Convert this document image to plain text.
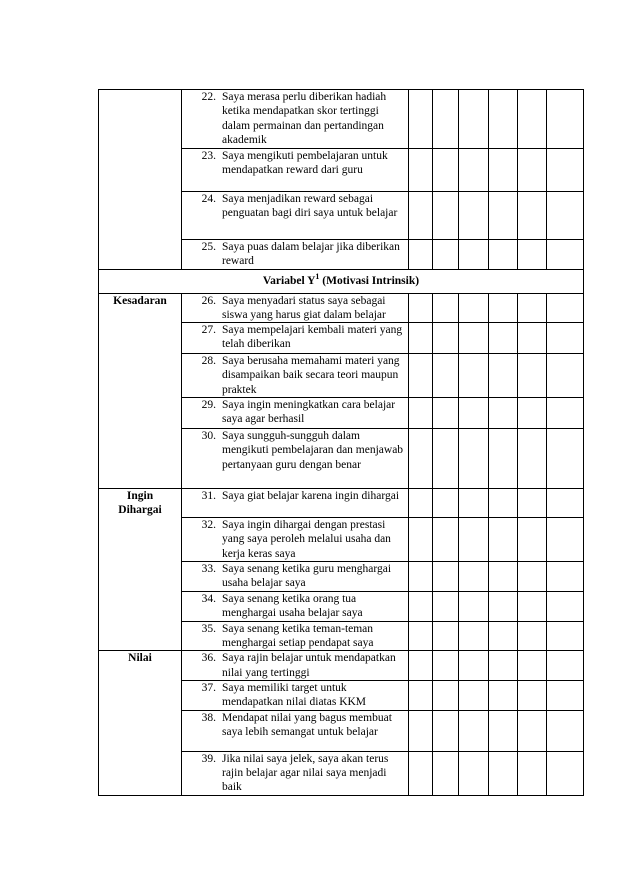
	22. Saya merasa perlu diberikan hadiah ketika mendapatkan skor tertinggi dalam permainan dan pertandingan akademik						

	23. Saya mengikuti pembelajaran untuk mendapatkan reward dari guru						

	24. Saya menjadikan reward sebagai penguatan bagi diri saya untuk belajar						

	25. Saya puas dalam belajar jika diberikan reward						

Variabel $Y^1$ (Motivasi Intrinsik)							
Kesadaran	26. Saya menyadari status saya sebagai siswa yang harus giat dalam belajar						

	27. Saya mempelajari kembali materi yang telah diberikan						

	28. Saya berusaha memahami materi yang disampaikan baik secara teori maupun praktek						

	29. Saya ingin meningkatkan cara belajar saya agar berhasil						

	30. Saya sungguh-sungguh dalam mengikuti pembelajaran dan menjawab pertanyaan guru dengan benar						

Ingin Dihargai	31. Saya giat belajar karena ingin dihargai						

	32. Saya ingin dihargai dengan prestasi yang saya peroleh melalui usaha dan kerja keras saya						

	33. Saya senang ketika guru menghargai usaha belajar saya						

	34. Saya senang ketika orang tua menghargai usaha belajar saya						

	35. Saya senang ketika teman-teman menghargai setiap pendapat saya						

Nilai	36. Saya rajin belajar untuk mendapatkan nilai yang tertinggi						

	37. Saya memiliki target untuk mendapatkan nilai diatas KKM						

	38. Mendapat nilai yang bagus membuat saya lebih semangat untuk belajar						

	39. Jika nilai saya jelek, saya akan terus rajin belajar agar nilai saya menjadi baik						
